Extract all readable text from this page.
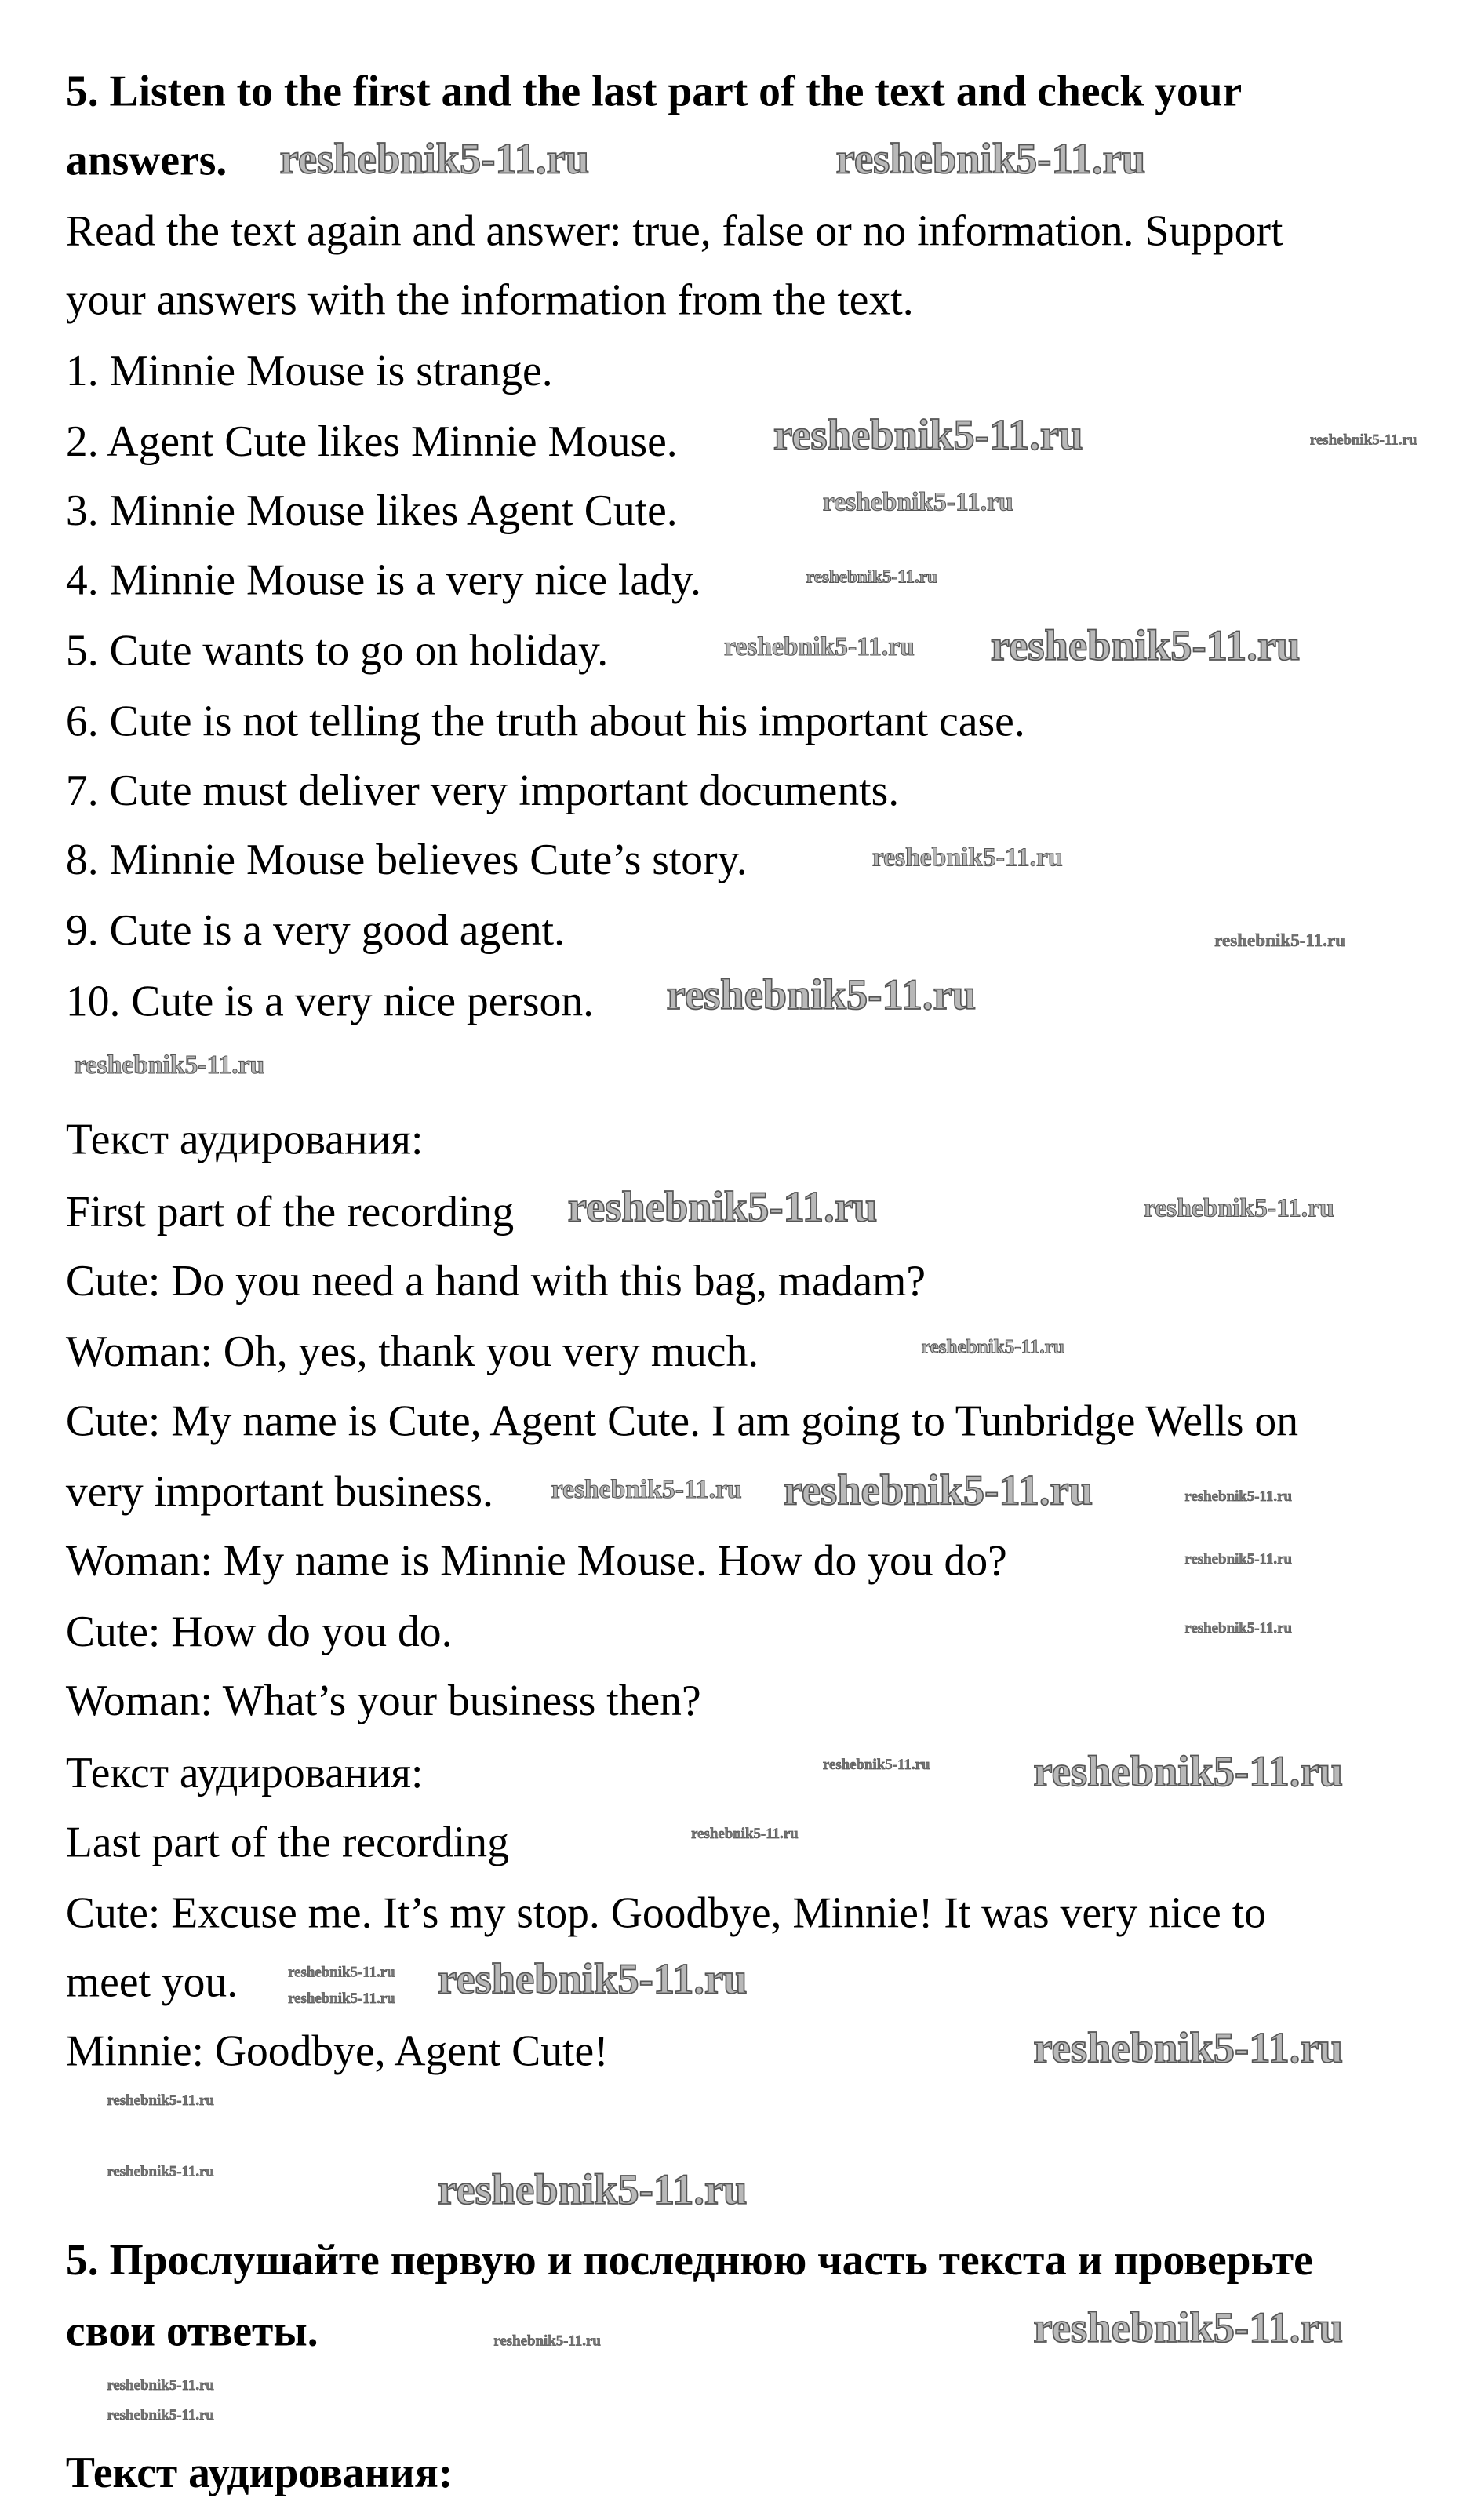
5. Listen to the first and the last part of the text and check your
answers.
Read the text again and answer: true, false or no information. Support
your answers with the information from the text.
1. Minnie Mouse is strange.
2. Agent Cute likes Minnie Mouse.
3. Minnie Mouse likes Agent Cute.
4. Minnie Mouse is a very nice lady.
5. Cute wants to go on holiday.
6. Cute is not telling the truth about his important case.
7. Cute must deliver very important documents.
8. Minnie Mouse believes Cute’s story.
9. Cute is a very good agent.
10. Cute is a very nice person.
Текст аудирования:
First part of the recording
Cute: Do you need a hand with this bag, madam?
Woman: Oh, yes, thank you very much.
Cute: My name is Cute, Agent Cute. I am going to Tunbridge Wells on
very important business.
Woman: My name is Minnie Mouse. How do you do?
Cute: How do you do.
Woman: What’s your business then?
Текст аудирования:
Last part of the recording
Cute: Excuse me. It’s my stop. Goodbye, Minnie! It was very nice to
meet you.
Minnie: Goodbye, Agent Cute!
5. Прослушайте первую и последнюю часть текста и проверьте
свои ответы.
Текст аудирования:
reshebnik5-11.ru	reshebnik5-11.ru
reshebnik5-11.ru
reshebnik5-11.ru
reshebnik5-11.ru
reshebnik5-11.ru
reshebnik5-11.ru
reshebnik5-11.ru
reshebnik5-11.ru
reshebnik5-11.ru
reshebnik5-11.ru
reshebnik5-11.ru
reshebnik5-11.ru
reshebnik5-11.ru
reshebnik5-11.ru
reshebnik5-11.ru
reshebnik5-11.ru
reshebnik5-11.ru
reshebnik5-11.ru
reshebnik5-11.ru
reshebnik5-11.ru
reshebnik5-11.ru
reshebnik5-11.ru
reshebnik5-11.ru
reshebnik5-11.ru
reshebnik5-11.ru
reshebnik5-11.ru
reshebnik5-11.ru
reshebnik5-11.ru
reshebnik5-11.ru
reshebnik5-11.ru
reshebnik5-11.ru
reshebnik5-11.ru
reshebnik5-11.ru
